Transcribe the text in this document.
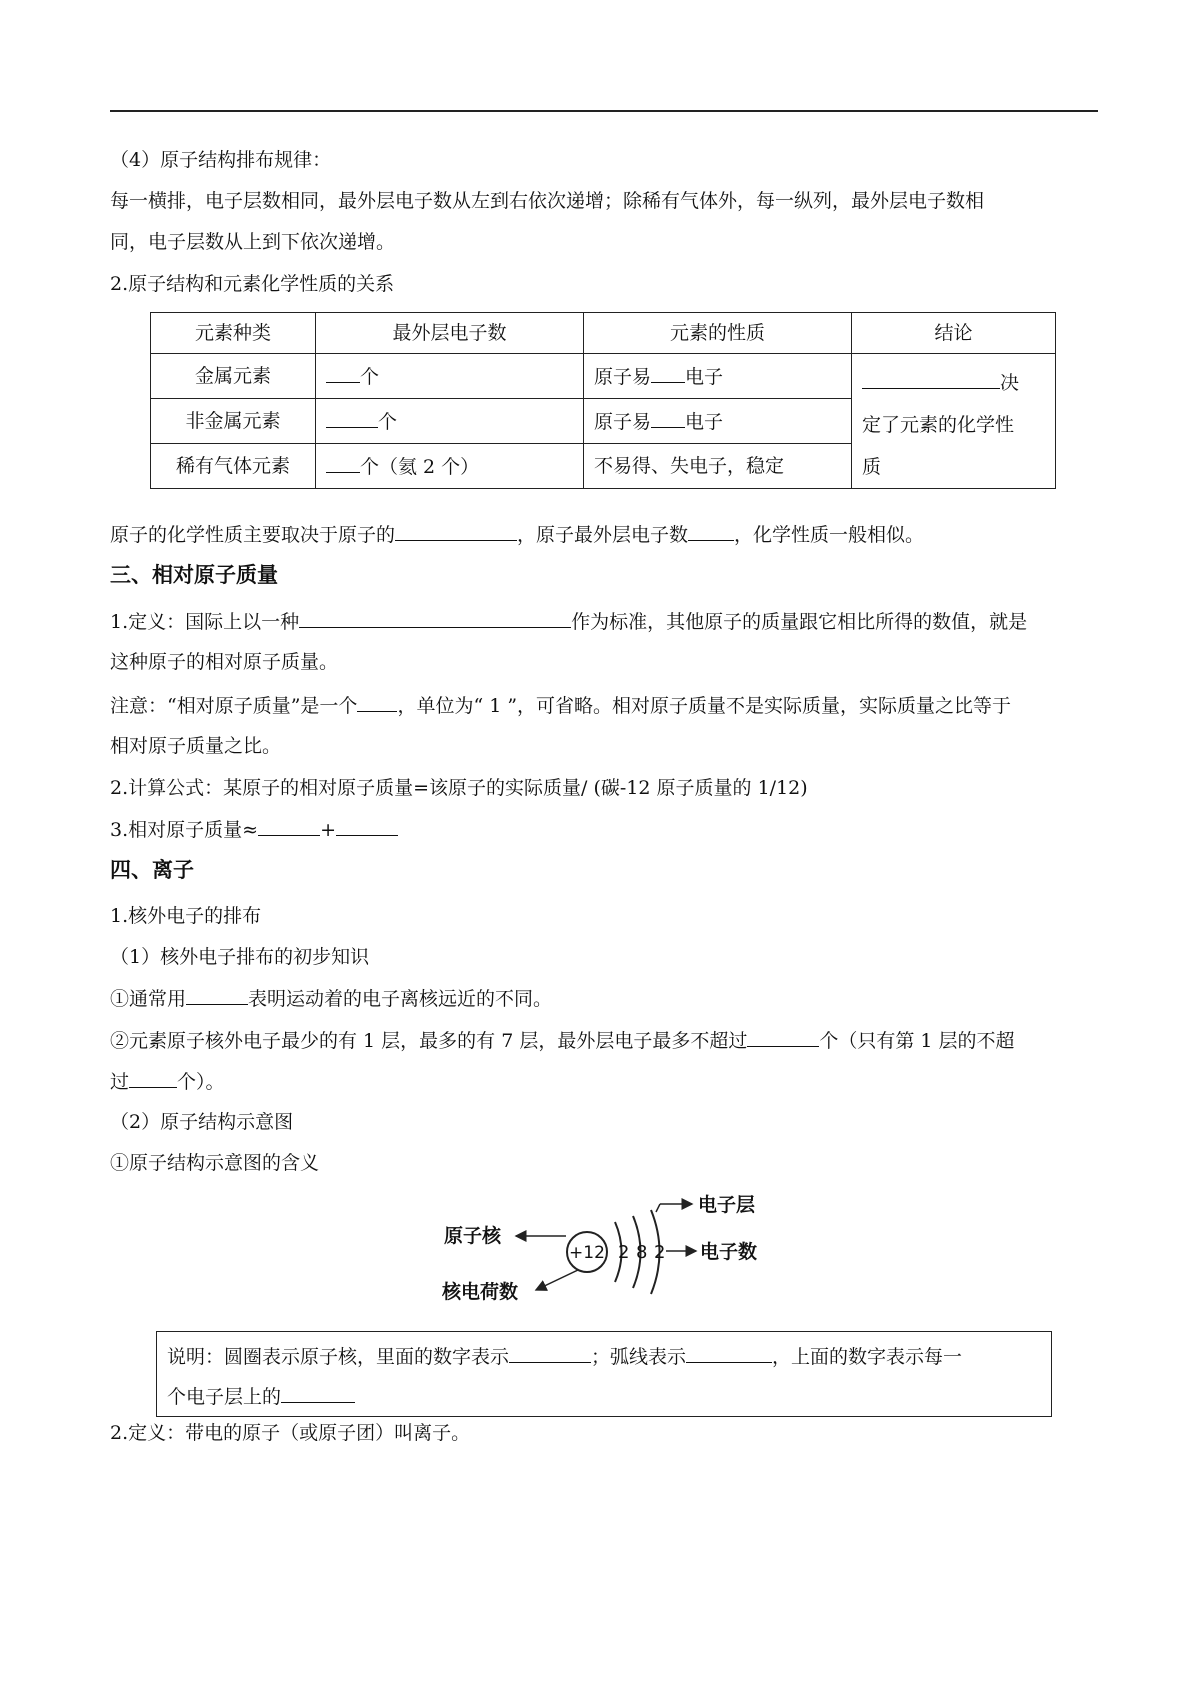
（4）原子结构排布规律：
每一横排，电子层数相同，最外层电子数从左到右依次递增；除稀有气体外，每一纵列，最外层电子数相
同，电子层数从上到下依次递增。
2.原子结构和元素化学性质的关系
元素种类	最外层电子数	元素的性质	结论
金属元素	个	原子易 电子	决
定了元素的化学性
质
非金属元素	个	原子易 电子	
稀有气体元素	个（氦 2 个）	不易得、失电子，稳定	
原子的化学性质主要取决于原子的	，原子最外层电子数 ，化学性质一般相似。
三、相对原子质量
1.定义：国际上以一种	作为标准，其他原子的质量跟它相比所得的数值，就是
这种原子的相对原子质量。
注意：“相对原子质量”是一个 ，单位为“ 1 ”，可省略。相对原子质量不是实际质量，实际质量之比等于
相对原子质量之比。
2.计算公式：某原子的相对原子质量=该原子的实际质量/ (碳-12 原子质量的 1/12)
3.相对原子质量≈	+
四、离子
1.核外电子的排布
（1）核外电子排布的初步知识
①通常用	表明运动着的电子离核远近的不同。
②元素原子核外电子最少的有 1 层，最多的有 7 层，最外层电子最多不超过	个（只有第 1 层的不超
过	个）。
（2）原子结构示意图
①原子结构示意图的含义
原子核
+12
核电荷数
2 8 2
电子层
电子数
说明：圆圈表示原子核，里面的数字表示	；弧线表示	，上面的数字表示每一
个电子层上的
2.定义：带电的原子（或原子团）叫离子。
